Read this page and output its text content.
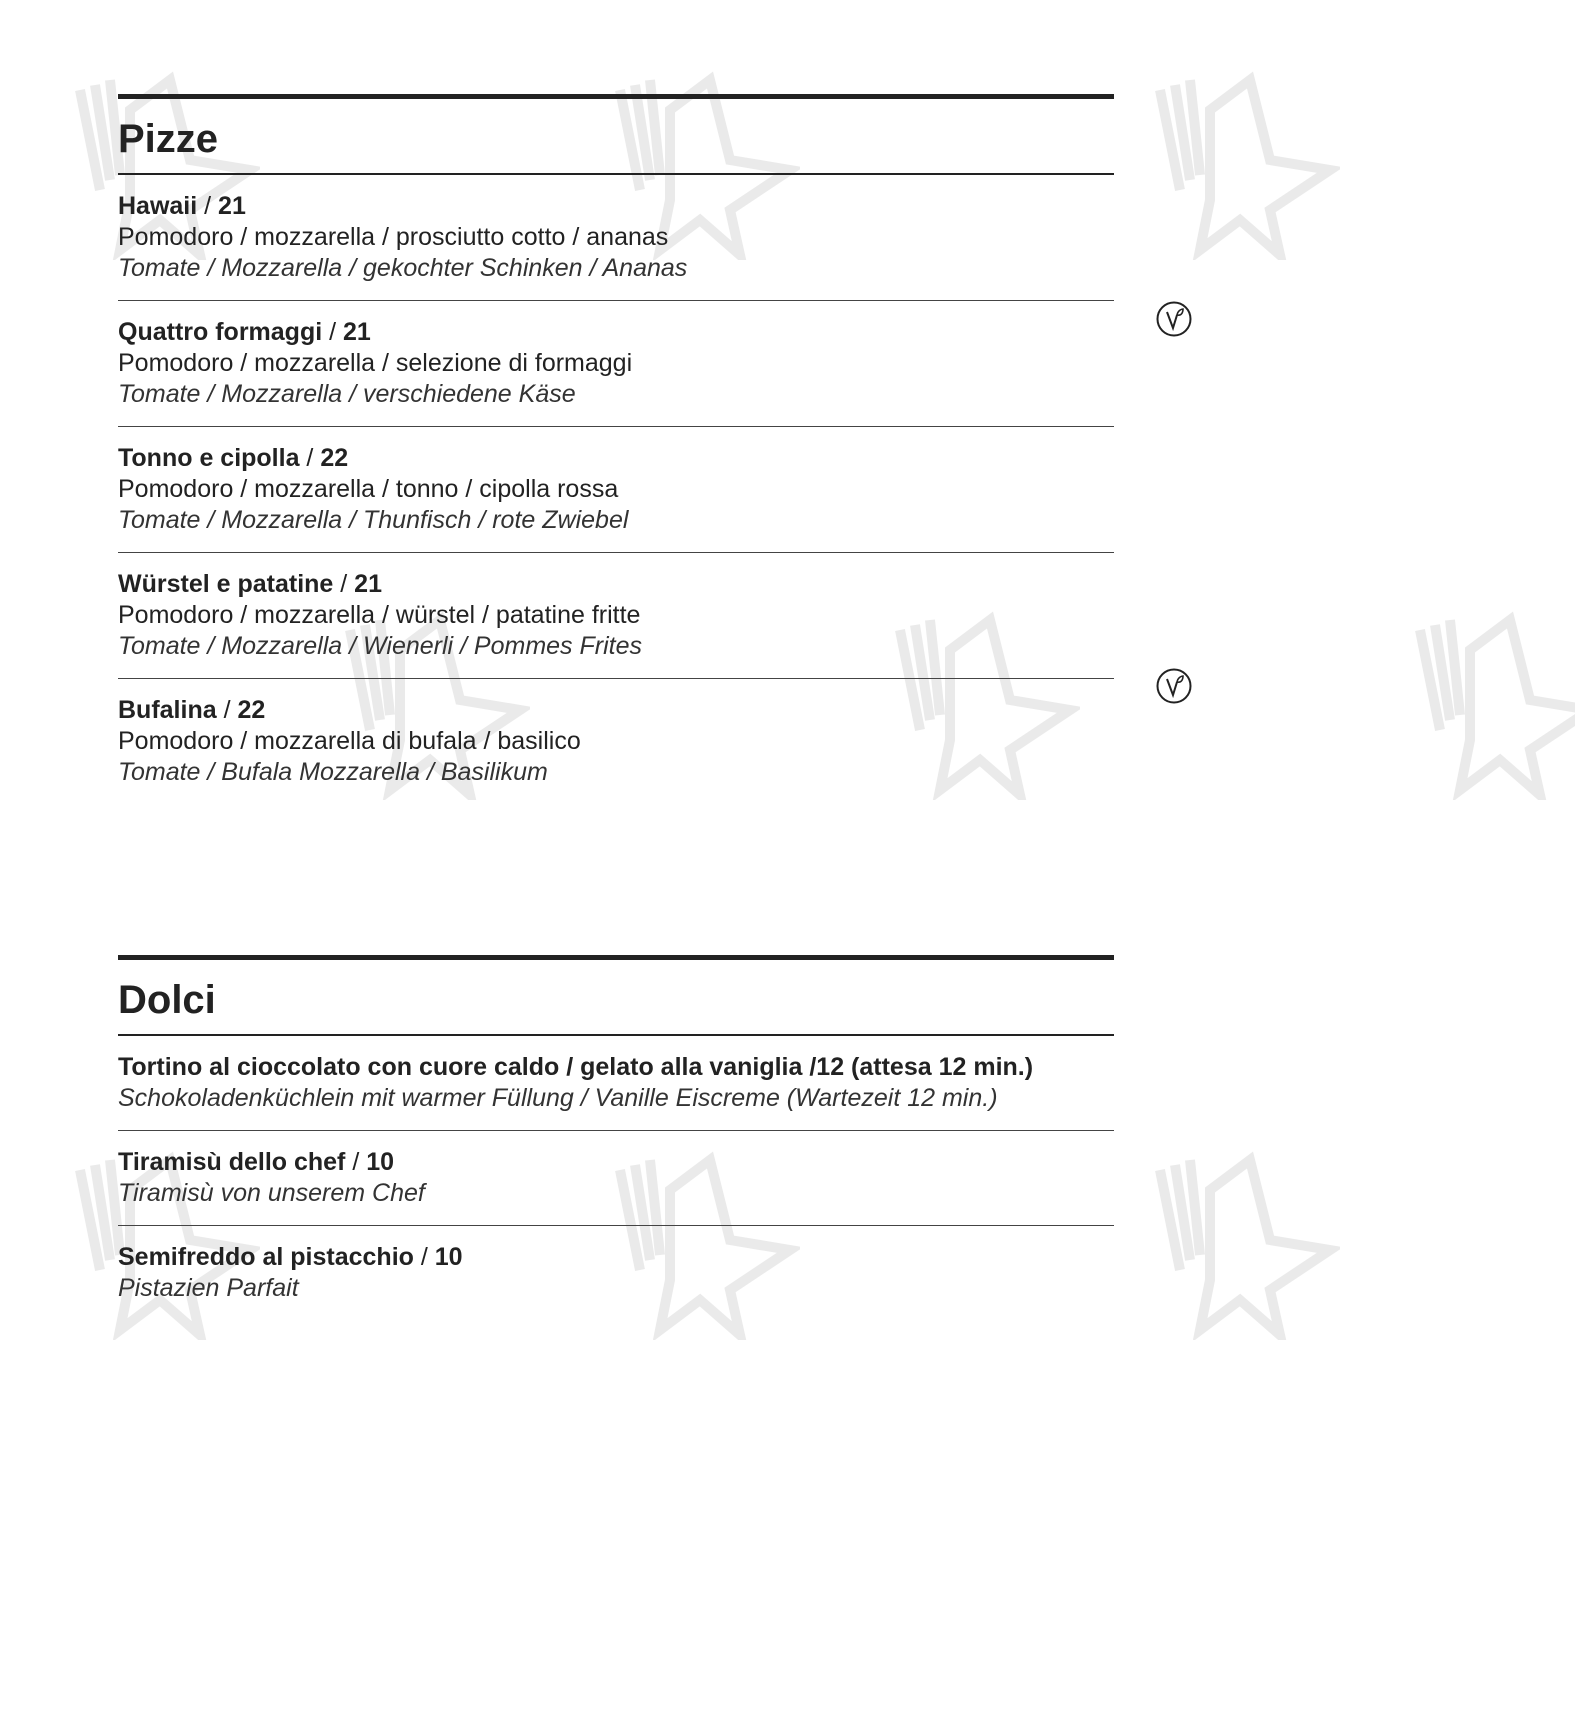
Pizze
Hawaii / 21
Pomodoro / mozzarella / prosciutto cotto / ananas
Tomate / Mozzarella / gekochter Schinken / Ananas
Quattro formaggi / 21
Pomodoro / mozzarella / selezione di formaggi
Tomate / Mozzarella / verschiedene Käse
Tonno e cipolla / 22
Pomodoro / mozzarella / tonno / cipolla rossa
Tomate / Mozzarella / Thunfisch / rote Zwiebel
Würstel e patatine / 21
Pomodoro / mozzarella / würstel / patatine fritte
Tomate / Mozzarella / Wienerli / Pommes Frites
Bufalina / 22
Pomodoro / mozzarella di bufala / basilico
Tomate / Bufala Mozzarella / Basilikum
Dolci
Tortino al cioccolato con cuore caldo / gelato alla vaniglia /12 (attesa 12 min.)
Schokoladenküchlein mit warmer Füllung / Vanille Eiscreme (Wartezeit 12 min.)
Tiramisù dello chef / 10
Tiramisù von unserem Chef
Semifreddo al pistacchio / 10
Pistazien Parfait
